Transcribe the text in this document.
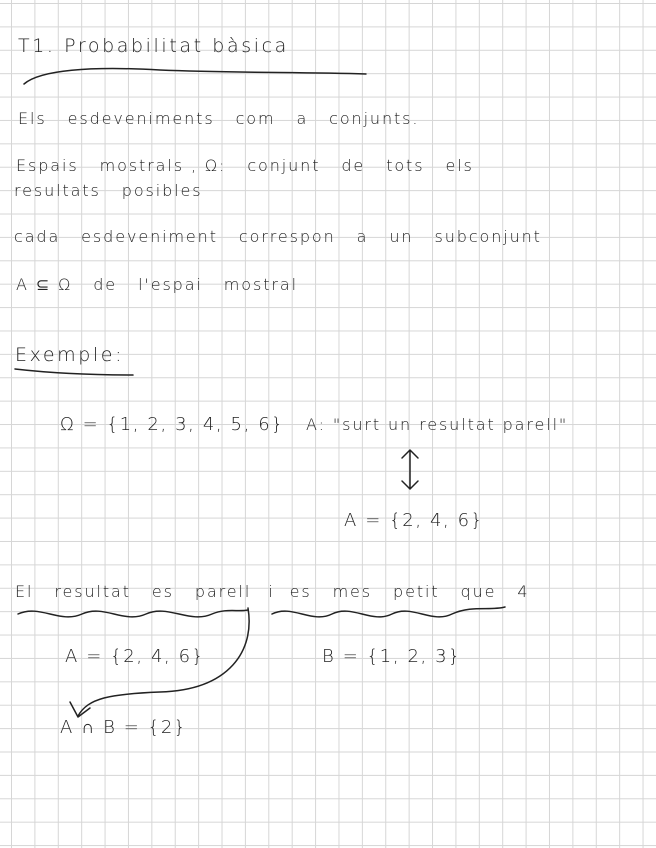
T1. Probabilitat bàsica
Els esdeveniments com a conjunts.
Espais mostrals , Ω: conjunt de tots els
resultats posibles
cada esdeveniment correspon a un subconjunt
A ⊆ Ω de l'espai mostral
Exemple:
Ω = {1, 2, 3, 4, 5, 6} A: "surt un resultat parell"
A = {2, 4, 6}
El resultat es parell i es mes petit que 4
A = {2, 4, 6}	B = {1, 2, 3}
A ∩ B = {2}
